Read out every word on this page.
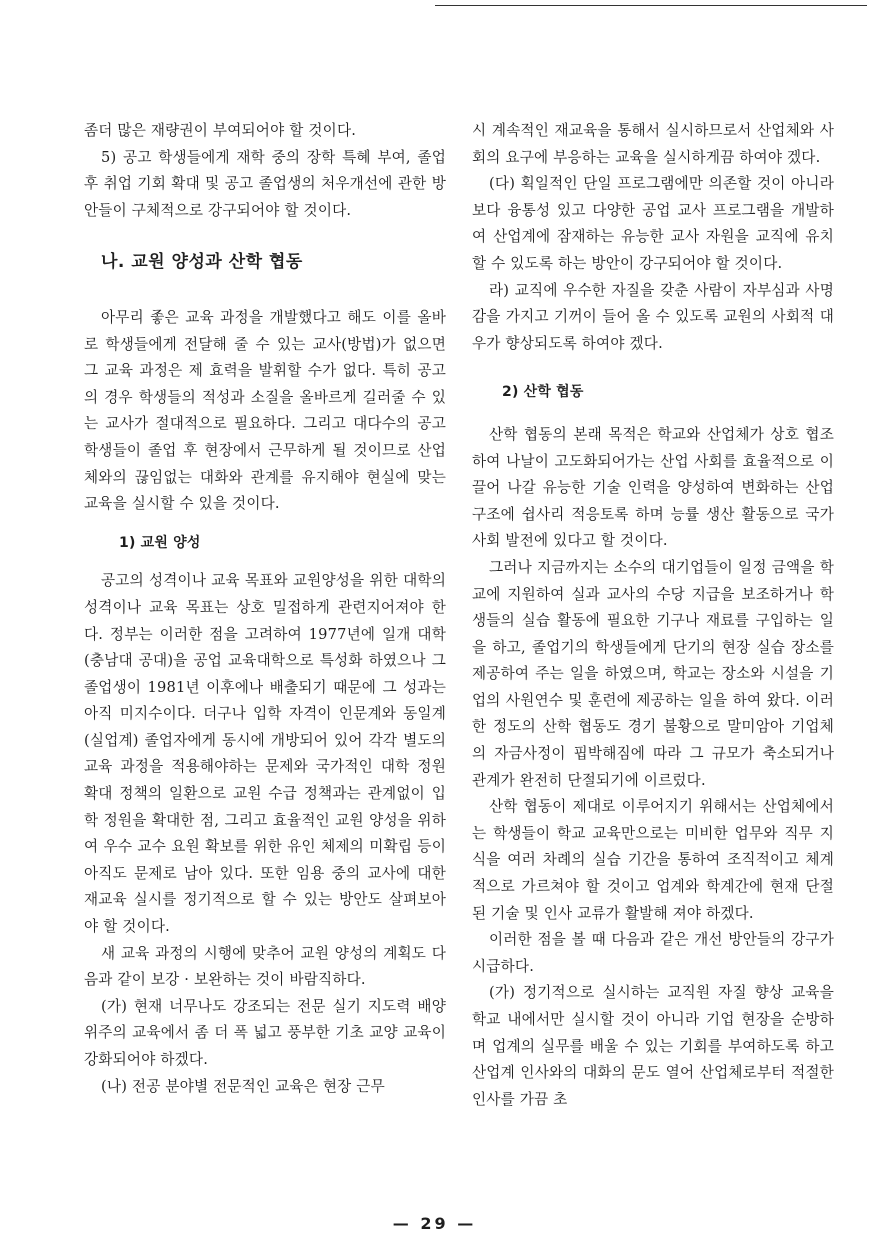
좀더 많은 재량권이 부여되어야 할 것이다.

5) 공고 학생들에게 재학 중의 장학 특혜 부여, 졸업 후 취업 기회 확대 및 공고 졸업생의 처우개선에 관한 방안들이 구체적으로 강구되어야 할 것이다.

나. 교원 양성과 산학 협동

아무리 좋은 교육 과정을 개발했다고 해도 이를 올바로 학생들에게 전달해 줄 수 있는 교사(방법)가 없으면 그 교육 과정은 제 효력을 발휘할 수가 없다. 특히 공고의 경우 학생들의 적성과 소질을 올바르게 길러줄 수 있는 교사가 절대적으로 필요하다. 그리고 대다수의 공고 학생들이 졸업 후 현장에서 근무하게 될 것이므로 산업체와의 끊임없는 대화와 관계를 유지해야 현실에 맞는 교육을 실시할 수 있을 것이다.

1) 교원 양성

공고의 성격이나 교육 목표와 교원양성을 위한 대학의 성격이나 교육 목표는 상호 밀접하게 관련지어져야 한다. 정부는 이러한 점을 고려하여 1977년에 일개 대학(충남대 공대)을 공업 교육대학으로 특성화 하였으나 그 졸업생이 1981년 이후에나 배출되기 때문에 그 성과는 아직 미지수이다. 더구나 입학 자격이 인문계와 동일계(실업계) 졸업자에게 동시에 개방되어 있어 각각 별도의 교육 과정을 적용해야하는 문제와 국가적인 대학 정원 확대 정책의 일환으로 교원 수급 정책과는 관계없이 입학 정원을 확대한 점, 그리고 효율적인 교원 양성을 위하여 우수 교수 요원 확보를 위한 유인 체제의 미확립 등이 아직도 문제로 남아 있다. 또한 임용 중의 교사에 대한 재교육 실시를 정기적으로 할 수 있는 방안도 살펴보아야 할 것이다.

새 교육 과정의 시행에 맞추어 교원 양성의 계획도 다음과 같이 보강 · 보완하는 것이 바람직하다.

(가) 현재 너무나도 강조되는 전문 실기 지도력 배양 위주의 교육에서 좀 더 폭 넓고 풍부한 기초 교양 교육이 강화되어야 하겠다.

(나) 전공 분야별 전문적인 교육은 현장 근무

시 계속적인 재교육을 통해서 실시하므로서 산업체와 사회의 요구에 부응하는 교육을 실시하게끔 하여야 겠다.

(다) 획일적인 단일 프로그램에만 의존할 것이 아니라 보다 융통성 있고 다양한 공업 교사 프로그램을 개발하여 산업계에 잠재하는 유능한 교사 자원을 교직에 유치할 수 있도록 하는 방안이 강구되어야 할 것이다.

라) 교직에 우수한 자질을 갖춘 사람이 자부심과 사명감을 가지고 기꺼이 들어 올 수 있도록 교원의 사회적 대우가 향상되도록 하여야 겠다.

2) 산학 협동

산학 협동의 본래 목적은 학교와 산업체가 상호 협조하여 나날이 고도화되어가는 산업 사회를 효율적으로 이끌어 나갈 유능한 기술 인력을 양성하여 변화하는 산업 구조에 쉽사리 적응토록 하며 능률 생산 활동으로 국가 사회 발전에 있다고 할 것이다.

그러나 지금까지는 소수의 대기업들이 일정 금액을 학교에 지원하여 실과 교사의 수당 지급을 보조하거나 학생들의 실습 활동에 필요한 기구나 재료를 구입하는 일을 하고, 졸업기의 학생들에게 단기의 현장 실습 장소를 제공하여 주는 일을 하였으며, 학교는 장소와 시설을 기업의 사원연수 및 훈련에 제공하는 일을 하여 왔다. 이러한 정도의 산학 협동도 경기 불황으로 말미암아 기업체의 자금사정이 핍박해짐에 따라 그 규모가 축소되거나 관계가 완전히 단절되기에 이르렀다.

산학 협동이 제대로 이루어지기 위해서는 산업체에서는 학생들이 학교 교육만으로는 미비한 업무와 직무 지식을 여러 차례의 실습 기간을 통하여 조직적이고 체계적으로 가르쳐야 할 것이고 업계와 학계간에 현재 단절된 기술 및 인사 교류가 활발해 져야 하겠다.

이러한 점을 볼 때 다음과 같은 개선 방안들의 강구가 시급하다.

(가) 정기적으로 실시하는 교직원 자질 향상 교육을 학교 내에서만 실시할 것이 아니라 기업 현장을 순방하며 업계의 실무를 배울 수 있는 기회를 부여하도록 하고 산업계 인사와의 대화의 문도 열어 산업체로부터 적절한 인사를 가끔 초

— 29 —
